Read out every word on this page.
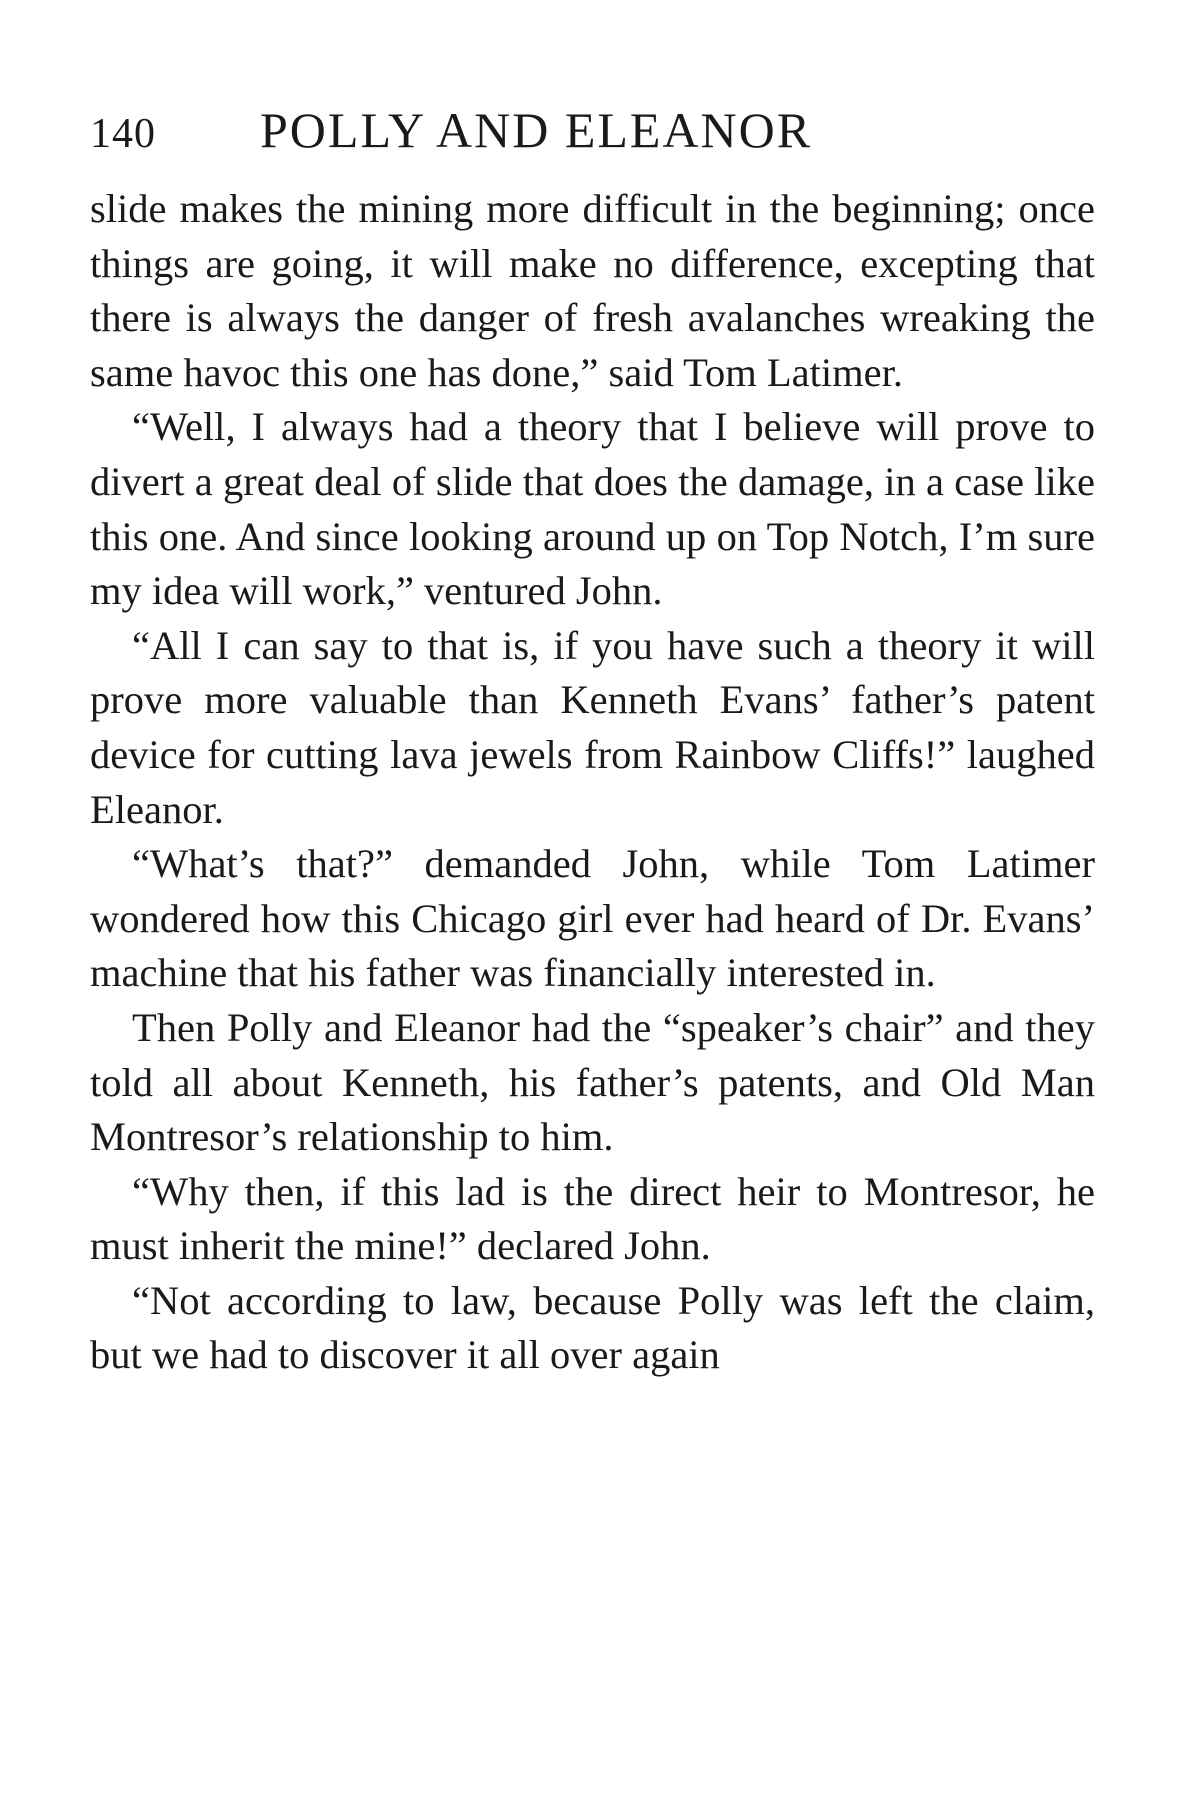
140	POLLY AND ELEANOR

slide makes the mining more difficult in the beginning; once things are going, it will make no difference, excepting that there is always the danger of fresh avalanches wreaking the same havoc this one has done,” said Tom Latimer.

“Well, I always had a theory that I believe will prove to divert a great deal of slide that does the damage, in a case like this one. And since looking around up on Top Notch, I’m sure my idea will work,” ventured John.

“All I can say to that is, if you have such a theory it will prove more valuable than Kenneth Evans’ father’s patent device for cutting lava jewels from Rainbow Cliffs!” laughed Eleanor.

“What’s that?” demanded John, while Tom Latimer wondered how this Chicago girl ever had heard of Dr. Evans’ machine that his father was financially interested in.

Then Polly and Eleanor had the “speaker’s chair” and they told all about Kenneth, his father’s patents, and Old Man Montresor’s relationship to him.

“Why then, if this lad is the direct heir to Montresor, he must inherit the mine!” declared John.

“Not according to law, because Polly was left the claim, but we had to discover it all over again
